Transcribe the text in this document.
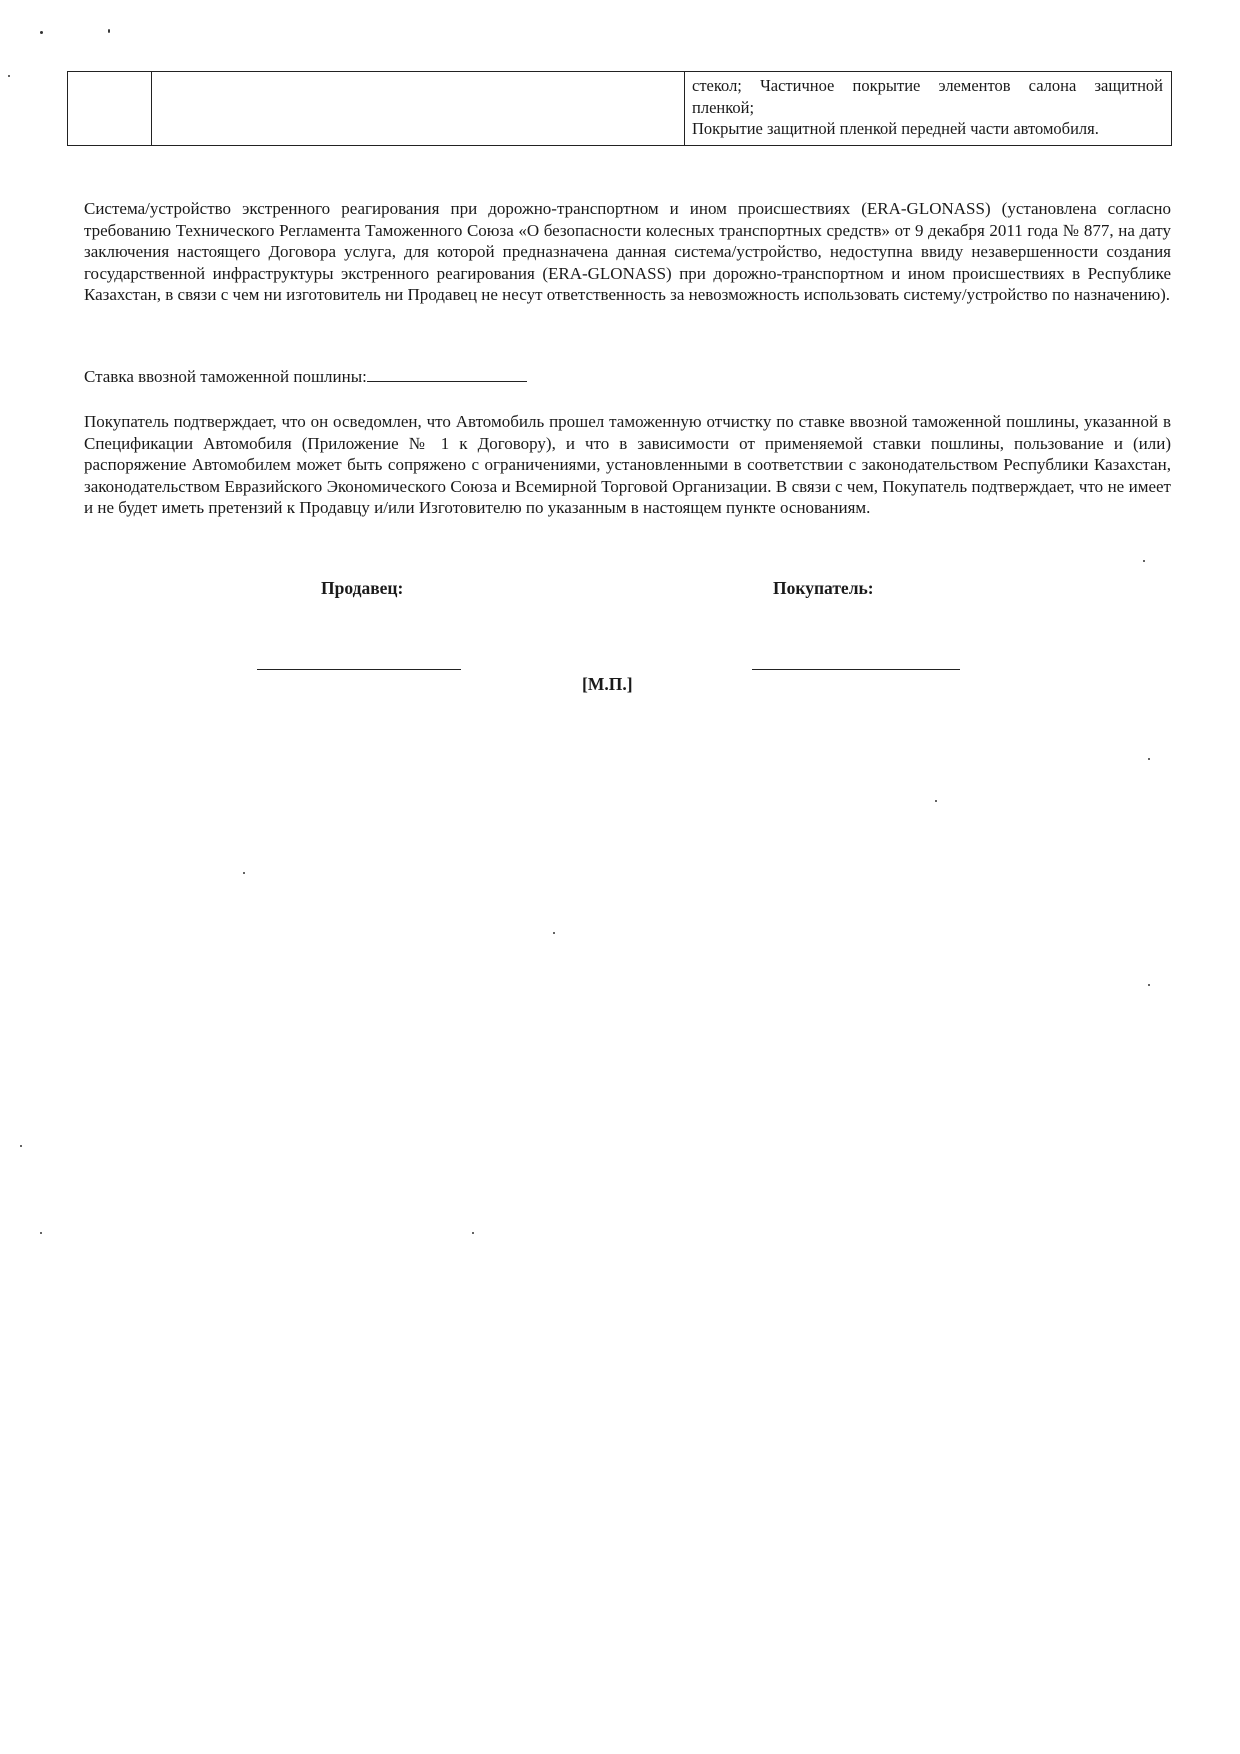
стекол; Частичное покрытие элементов салона защитной

пленкой;

Покрытие защитной пленкой передней части автомобиля.

Система/устройство экстренного реагирования при дорожно-транспортном и ином происшествиях (ERA-GLONASS) (установлена согласно требованию Технического Регламента Таможенного Союза «О безопасности колесных транспортных средств» от 9 декабря 2011 года № 877, на дату заключения настоящего Договора услуга, для которой предназначена данная система/устройство, недоступна ввиду незавершенности создания государственной инфраструктуры экстренного реагирования (ERA-GLONASS) при дорожно-транспортном и ином происшествиях в Республике Казахстан, в связи с чем ни изготовитель ни Продавец не несут ответственность за невозможность использовать систему/устройство по назначению).

Ставка ввозной таможенной пошлины:

Покупатель подтверждает, что он осведомлен, что Автомобиль прошел таможенную отчистку по ставке ввозной таможенной пошлины, указанной в Спецификации Автомобиля (Приложение № 1 к Договору), и что в зависимости от применяемой ставки пошлины, пользование и (или) распоряжение Автомобилем может быть сопряжено с ограничениями, установленными в соответствии с законодательством Республики Казахстан, законодательством Евразийского Экономического Союза и Всемирной Торговой Организации. В связи с чем, Покупатель подтверждает, что не имеет и не будет иметь претензий к Продавцу и/или Изготовителю по указанным в настоящем пункте основаниям.

Продавец:	Покупатель:
[М.П.]
